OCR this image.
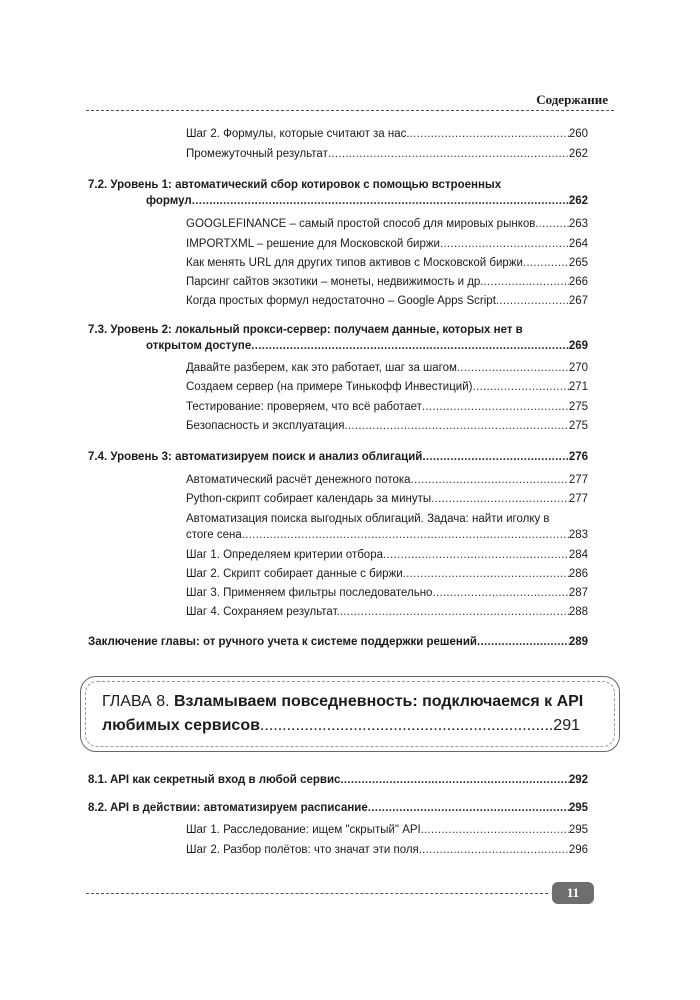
Содержание
Шаг 2. Формулы, которые считают за нас. .....	260
Промежуточный результат .....	262
7.2. Уровень 1: автоматический сбор котировок с помощью встроенных
формул .....	262
GOOGLEFINANCE – самый простой способ для мировых рынков. .....	263
IMPORTXML – решение для Московской биржи .....	264
Как менять URL для других типов активов с Московской биржи .....	265
Парсинг сайтов экзотики – монеты, недвижимость и др. .....	266
Когда простых формул недостаточно – Google Apps Script .....	267
7.3. Уровень 2: локальный прокси-сервер: получаем данные, которых нет в
открытом доступе .....	269
Давайте разберем, как это работает, шаг за шагом .....	270
Создаем сервер (на примере Тинькофф Инвестиций) .....	271
Тестирование: проверяем, что всё работает .....	275
Безопасность и эксплуатация .....	275
7.4. Уровень 3: автоматизируем поиск и анализ облигаций .....	276
Автоматический расчёт денежного потока .....	277
Python-скрипт собирает календарь за минуты .....	277
Автоматизация поиска выгодных облигаций. Задача: найти иголку в
стоге сена .....	283
Шаг 1. Определяем критерии отбора .....	284
Шаг 2. Скрипт собирает данные с биржи .....	286
Шаг 3. Применяем фильтры последовательно .....	287
Шаг 4. Сохраняем результат. .....	288
Заключение главы: от ручного учета к системе поддержки решений .....	289
ГЛАВА 8. Взламываем повседневность: подключаемся к API
любимых сервисов .....	291
8.1. API как секретный вход в любой сервис .....	292
8.2. API в действии: автоматизируем расписание .....	295
Шаг 1. Расследование: ищем "скрытый" API. .....	295
Шаг 2. Разбор полётов: что значат эти поля. .....	296
11
